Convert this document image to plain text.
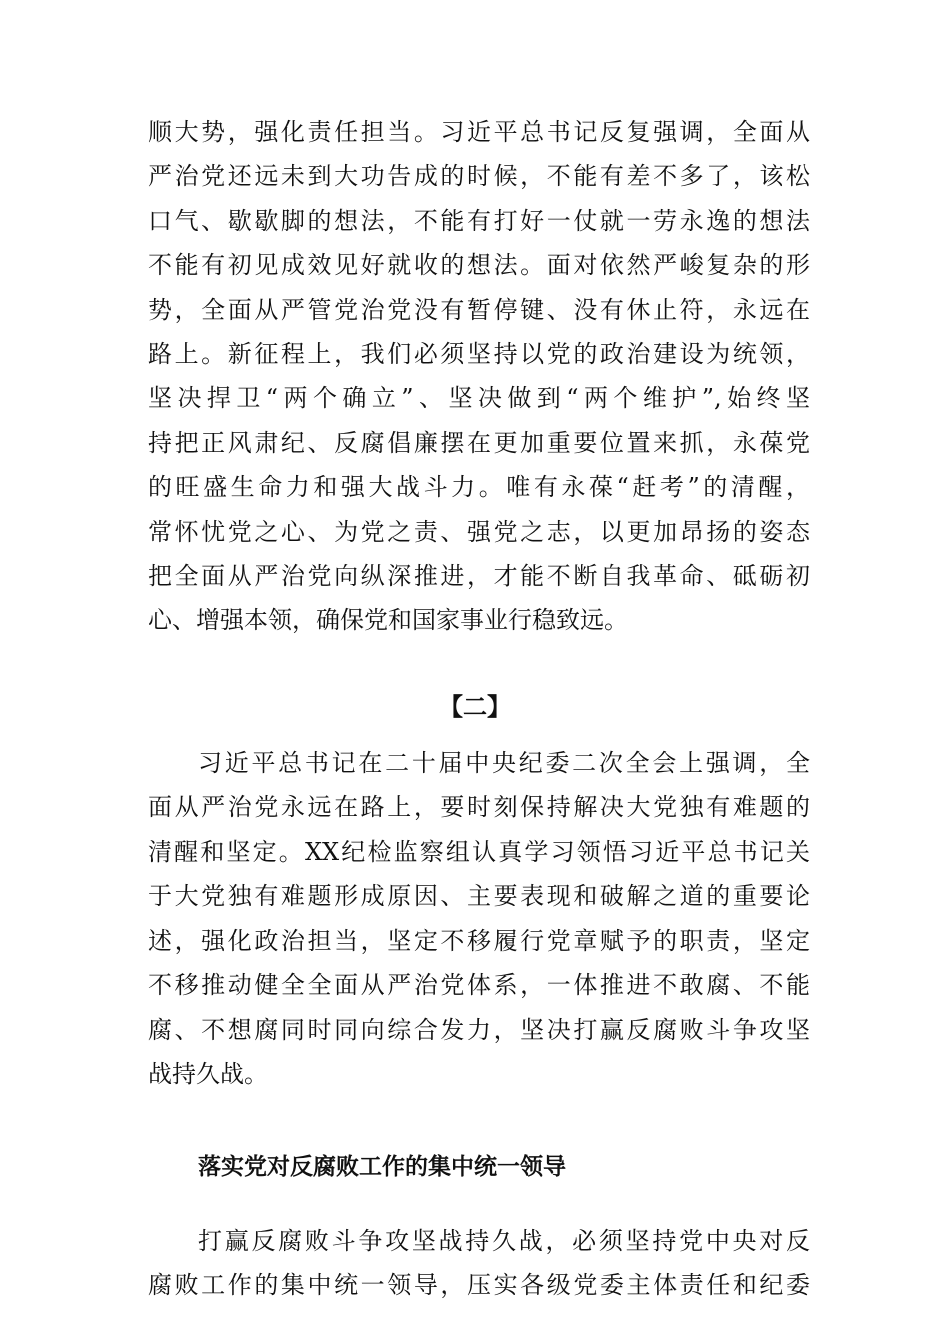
顺大势，强化责任担当。习近平总书记反复强调，全面从
严治党还远未到大功告成的时候，不能有差不多了，该松
口气、歇歇脚的想法，不能有打好一仗就一劳永逸的想法
不能有初见成效见好就收的想法。面对依然严峻复杂的形
势，全面从严管党治党没有暂停键、没有休止符，永远在
路上。新征程上，我们必须坚持以党的政治建设为统领，
坚决捍卫“两个确立”、坚决做到“两个维护”,始终坚
持把正风肃纪、反腐倡廉摆在更加重要位置来抓，永葆党
的旺盛生命力和强大战斗力。唯有永葆“赶考”的清醒，
常怀忧党之心、为党之责、强党之志，以更加昂扬的姿态
把全面从严治党向纵深推进，才能不断自我革命、砥砺初
心、增强本领，确保党和国家事业行稳致远。
【二】
习近平总书记在二十届中央纪委二次全会上强调，全
面从严治党永远在路上，要时刻保持解决大党独有难题的
清醒和坚定。XX纪检监察组认真学习领悟习近平总书记关
于大党独有难题形成原因、主要表现和破解之道的重要论
述，强化政治担当，坚定不移履行党章赋予的职责，坚定
不移推动健全全面从严治党体系，一体推进不敢腐、不能
腐、不想腐同时同向综合发力，坚决打赢反腐败斗争攻坚
战持久战。
落实党对反腐败工作的集中统一领导
打赢反腐败斗争攻坚战持久战，必须坚持党中央对反
腐败工作的集中统一领导，压实各级党委主体责任和纪委
